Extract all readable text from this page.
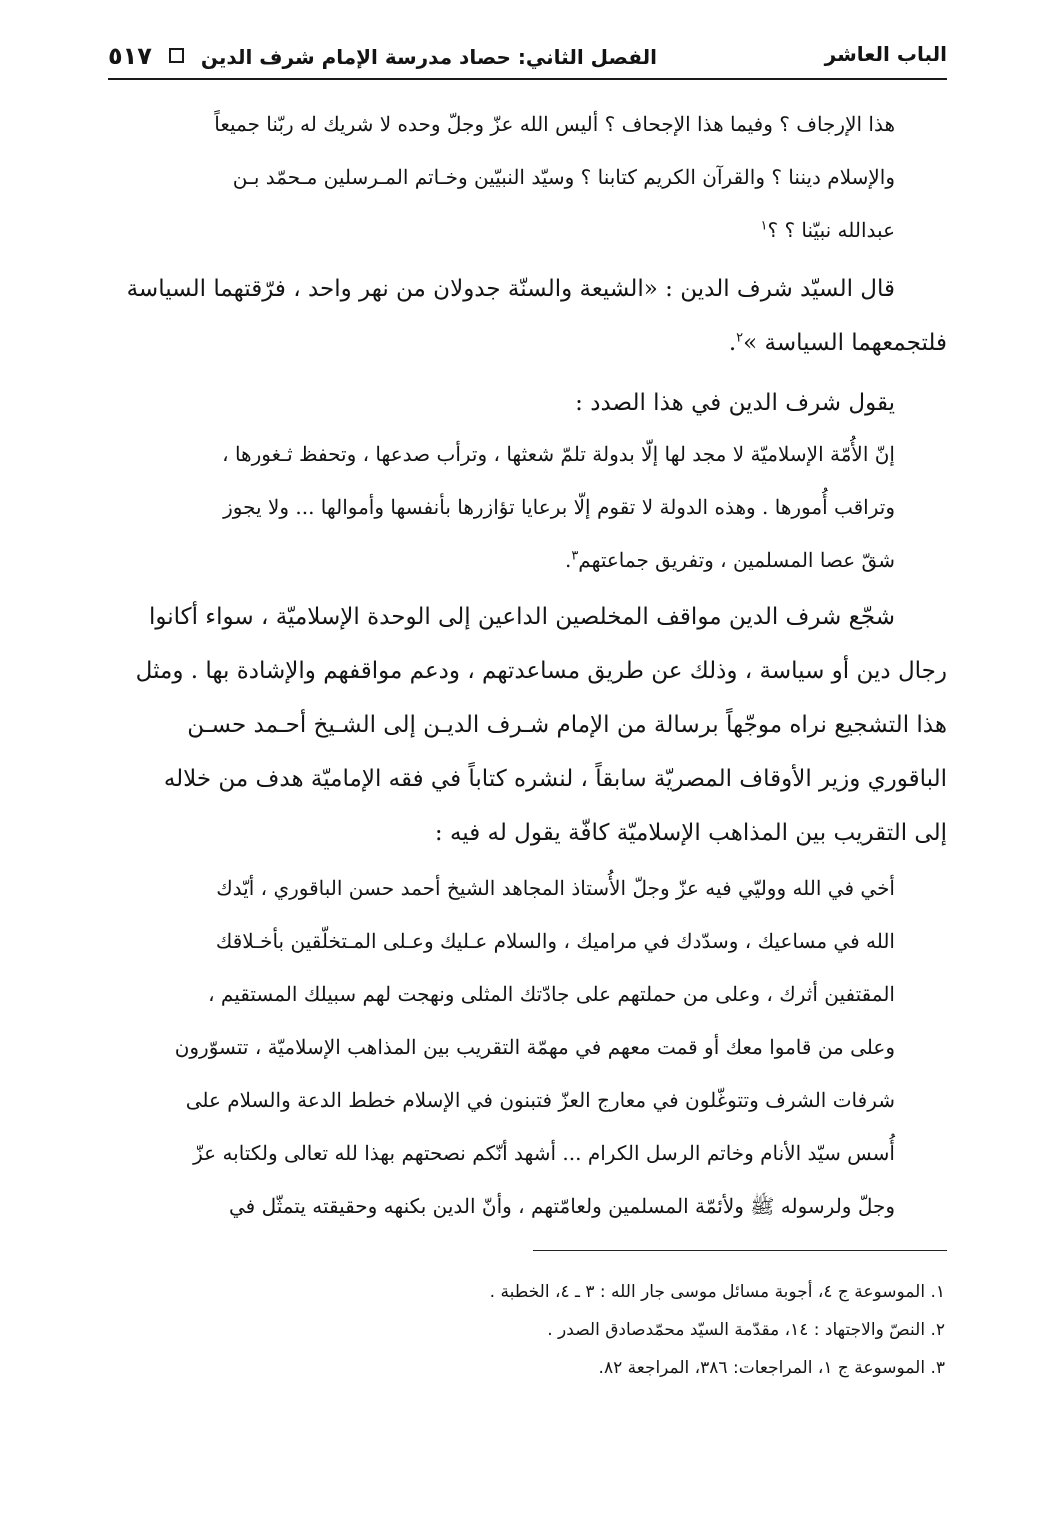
الباب العاشر
الفصل الثاني: حصاد مدرسة الإمام شرف الدين  ٥١٧

هذا الإرجاف ؟ وفيما هذا الإجحاف ؟ أليس الله عزّ وجلّ وحده لا شريك له ربّنا جميعاً

والإسلام ديننا ؟ والقرآن الكريم كتابنا ؟ وسيّد النبيّين وخـاتم المـرسلين مـحمّد بـن

عبدالله نبيّنا ؟ ؟$^١$

قال السيّد شرف الدين : «الشيعة والسنّة جدولان من نهر واحد ، فرّقتهما السياسة

فلتجمعهما السياسة »$^٢$.

يقول شرف الدين في هذا الصدد :

إنّ الأُمّة الإسلاميّة لا مجد لها إلّا بدولة تلمّ شعثها ، وترأب صدعها ، وتحفظ ثـغورها ،

وتراقب أُمورها . وهذه الدولة لا تقوم إلّا برعايا تؤازرها بأنفسها وأموالها ... ولا يجوز

شقّ عصا المسلمين ، وتفريق جماعتهم$^٣$.

شجّع شرف الدين مواقف المخلصين الداعين إلى الوحدة الإسلاميّة ، سواء أكانوا

رجال دين أو سياسة ، وذلك عن طريق مساعدتهم ، ودعم مواقفهم والإشادة بها . ومثل

هذا التشجيع نراه موجّهاً برسالة من الإمام شـرف الديـن إلى الشـيخ أحـمد حسـن

الباقوري وزير الأوقاف المصريّة سابقاً ، لنشره كتاباً في فقه الإماميّة هدف من خلاله

إلى التقريب بين المذاهب الإسلاميّة كافّة يقول له فيه :

أخي في الله ووليّي فيه عزّ وجلّ الأُستاذ المجاهد الشيخ أحمد حسن الباقوري ، أيّدك

الله في مساعيك ، وسدّدك في مراميك ، والسلام عـليك وعـلى المـتخلّقين بأخـلاقك

المقتفين أثرك ، وعلى من حملتهم على جادّتك المثلى ونهجت لهم سبيلك المستقيم ،

وعلى من قاموا معك أو قمت معهم في مهمّة التقريب بين المذاهب الإسلاميّة ، تتسوّرون

شرفات الشرف وتتوغّلون في معارج العزّ فتبنون في الإسلام خطط الدعة والسلام على

أُسس سيّد الأنام وخاتم الرسل الكرام ... أشهد أنّكم نصحتهم بهذا لله تعالى ولكتابه عزّ

وجلّ ولرسوله ﷺ ولأئمّة المسلمين ولعامّتهم ، وأنّ الدين بكنهه وحقيقته يتمثّل في

١. الموسوعة ج ٤، أجوبة مسائل موسى جار الله : ٣ ـ ٤، الخطبة .

٢. النصّ والاجتهاد : ١٤، مقدّمة السيّد محمّدصادق الصدر .

٣. الموسوعة ج ١، المراجعات: ٣٨٦، المراجعة ٨٢.
